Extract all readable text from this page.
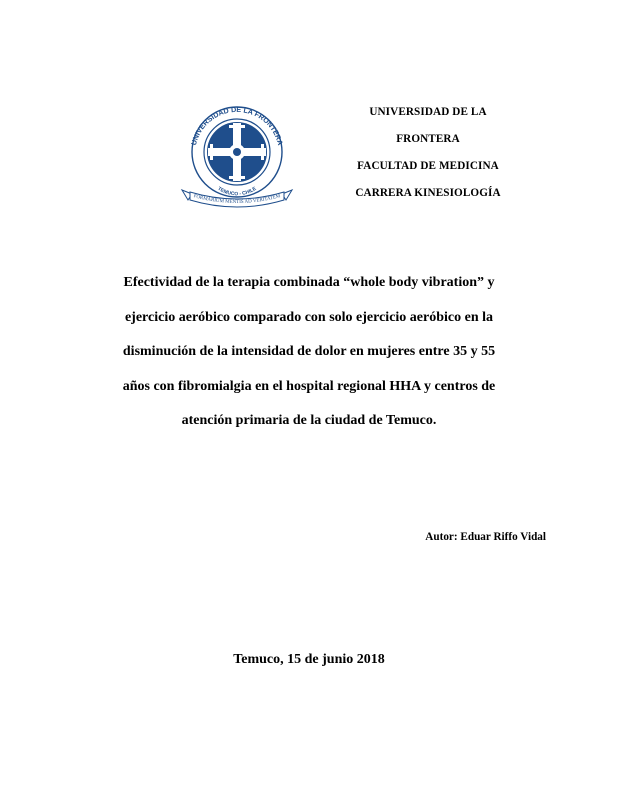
UNIVERSIDAD DE LA FRONTERA
TEMUCO - CHILE
FORMARIUM MENTIS AD VERITATEM
UNIVERSIDAD DE LA
FRONTERA
FACULTAD DE MEDICINA
CARRERA KINESIOLOGÍA
Efectividad de la terapia combinada “whole body vibration” y
ejercicio aeróbico comparado con solo ejercicio aeróbico en la
disminución de la intensidad de dolor en mujeres entre 35 y 55
años con fibromialgia en el hospital regional HHA y centros de
atención primaria de la ciudad de Temuco.
Autor: Eduar Riffo Vidal
Temuco, 15 de junio 2018
